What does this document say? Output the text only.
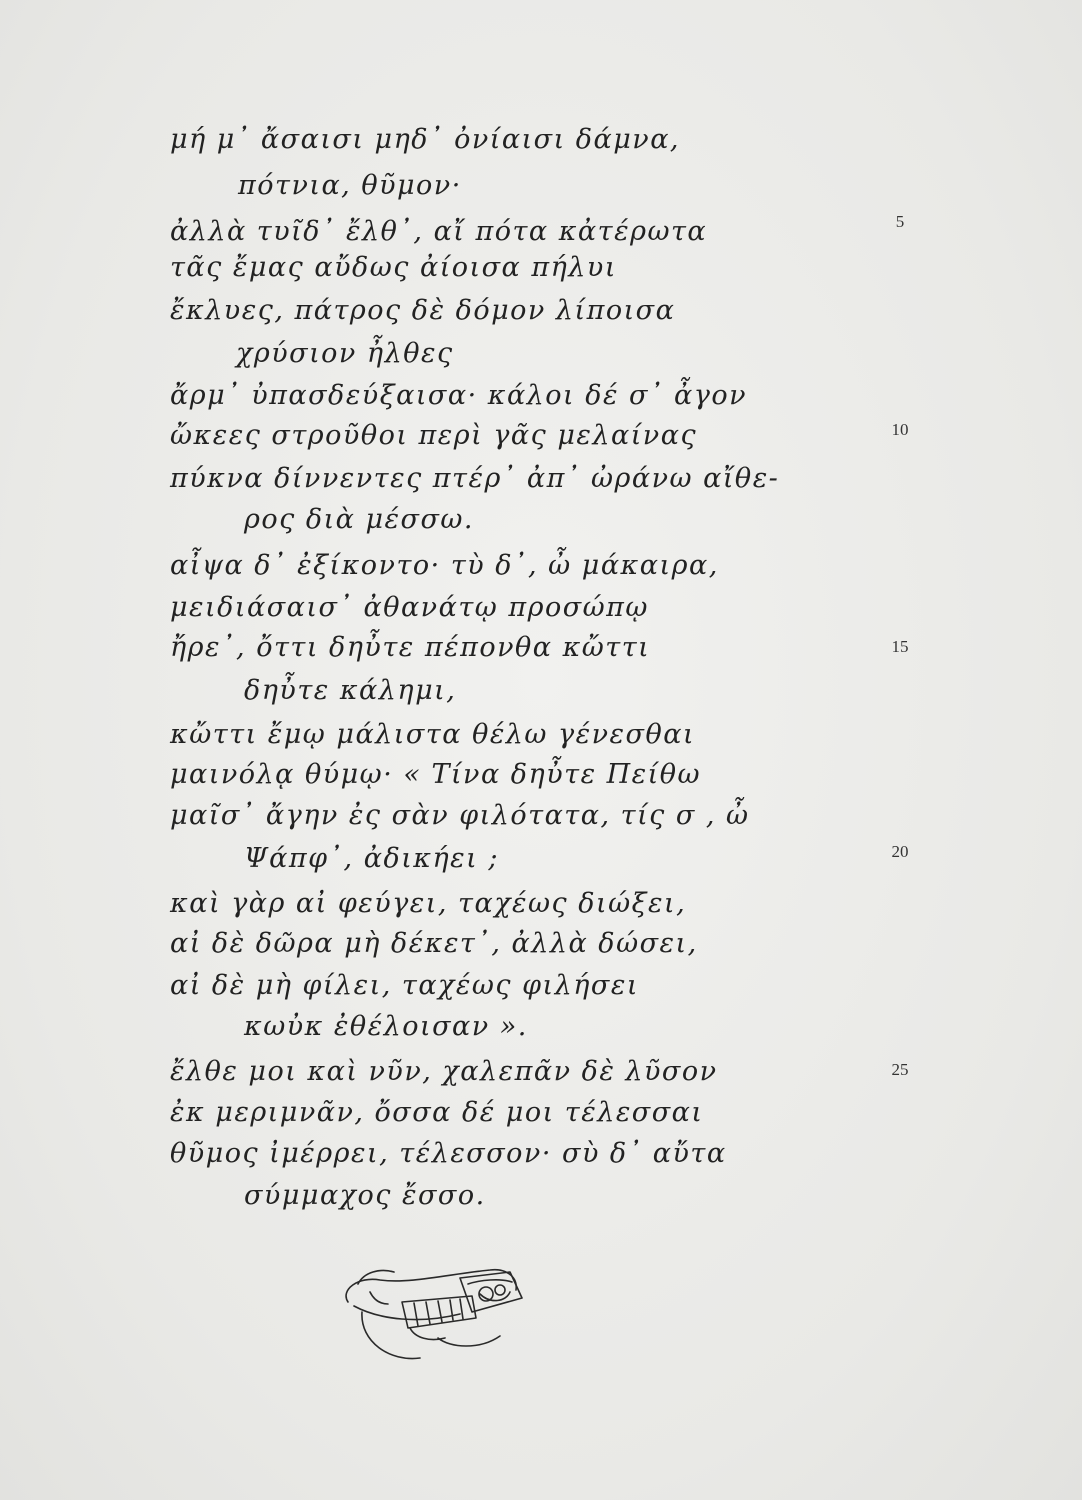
μή μ᾽ ἄσαισι μηδ᾽ ὀνίαισι δάμνα,
πότνια, θῦμον·
ἀλλὰ τυῖδ᾽ ἔλθ᾽, αἴ πότα κἀτέρωτα
τᾶς ἔμας αὔδως ἀίοισα πήλυι
ἔκλυες, πάτρος δὲ δόμον λίποισα
χρύσιον ἦλθες
ἄρμ᾽ ὐπασδεύξαισα· κάλοι δέ σ᾽ ἆγον
ὤκεες στροῦθοι περὶ γᾶς μελαίνας
πύκνα δίννεντες πτέρ᾽ ἀπ᾽ ὠράνω αἴθε-
ρος διὰ μέσσω.
αἶψα δ᾽ ἐξίκοντο· τὺ δ᾽, ὦ μάκαιρα,
μειδιάσαισ᾽ ἀθανάτῳ προσώπῳ
ἤρε᾽, ὄττι δηὖτε πέπονθα κὤττι
δηὖτε κάλημι,
κὤττι ἔμῳ μάλιστα θέλω γένεσθαι
μαινόλᾳ θύμῳ· « Τίνα δηὖτε Πείθω
μαῖσ᾽ ἄγην ἐς σὰν φιλότατα, τίς σ , ὦ
Ψάπφ᾽, ἀδικήει ;
καὶ γὰρ αἰ φεύγει, ταχέως διώξει,
αἰ δὲ δῶρα μὴ δέκετ᾽, ἀλλὰ δώσει,
αἰ δὲ μὴ φίλει, ταχέως φιλήσει
κωὐκ ἐθέλοισαν ».
ἔλθε μοι καὶ νῦν, χαλεπᾶν δὲ λῦσον
ἐκ μεριμνᾶν, ὄσσα δέ μοι τέλεσσαι
θῦμος ἰμέρρει, τέλεσσον· σὺ δ᾽ αὔτα
σύμμαχος ἔσσο.
5
10
15
20
25
